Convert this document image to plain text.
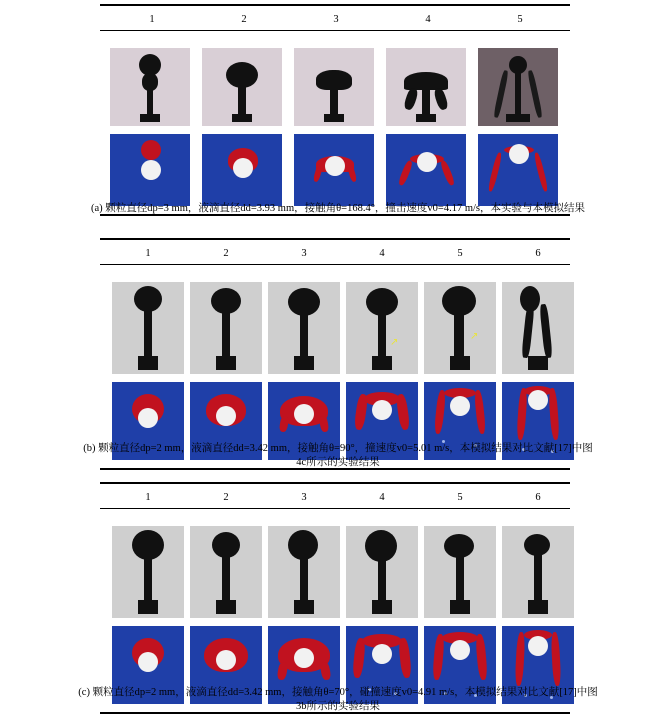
1	2	3	4	5
(a) 颗粒直径dp=3 mm，液滴直径dd=3.93 mm，接触角θ=168.4°，撞击速度v0=4.17 m/s，本实验与本模拟结果
1	2	3	4	5	6
↗
↗
(b) 颗粒直径dp=2 mm，液滴直径dd=3.42 mm，接触角θ=90°，撞速度v0=5.01 m/s，本模拟结果对比文献[17]中图
4c所示的实验结果
1	2	3	4	5	6
(c) 颗粒直径dp=2 mm，液滴直径dd=3.42 mm，接触角θ=70°，碰撞速度v0=4.91 m/s，本模拟结果对比文献[17]中图
3b所示的实验结果
